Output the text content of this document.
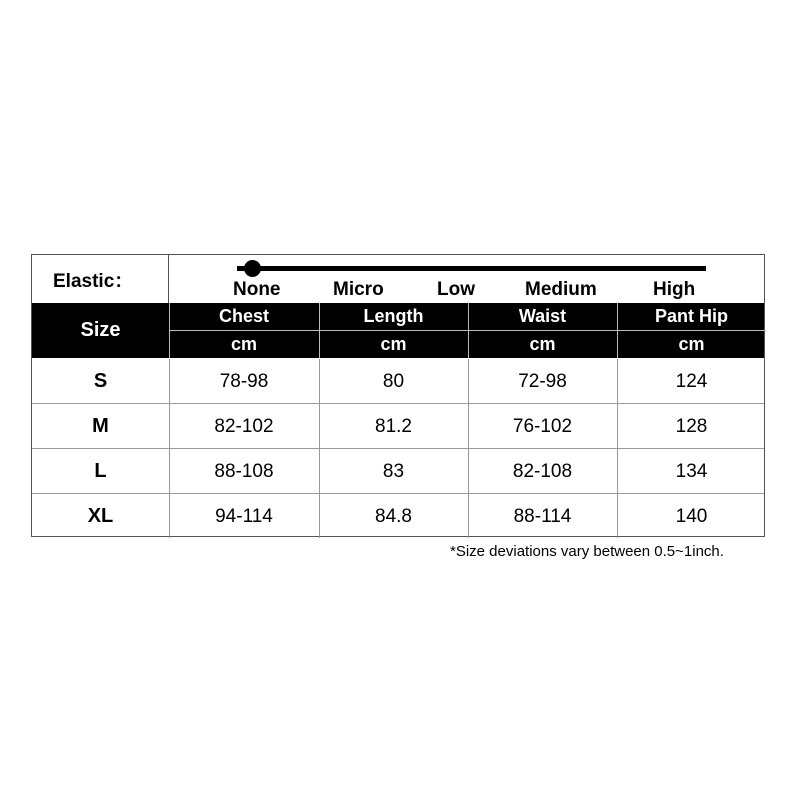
Elastic：	None	Micro	Low	Medium	High
Size
Chest	Length	Waist	Pant Hip
cm	cm	cm	cm
S	78-98	80	72-98	124
M	82-102	81.2	76-102	128
L	88-108	83	82-108	134
XL	94-114	84.8	88-114	140
*Size deviations vary between 0.5~1inch.
